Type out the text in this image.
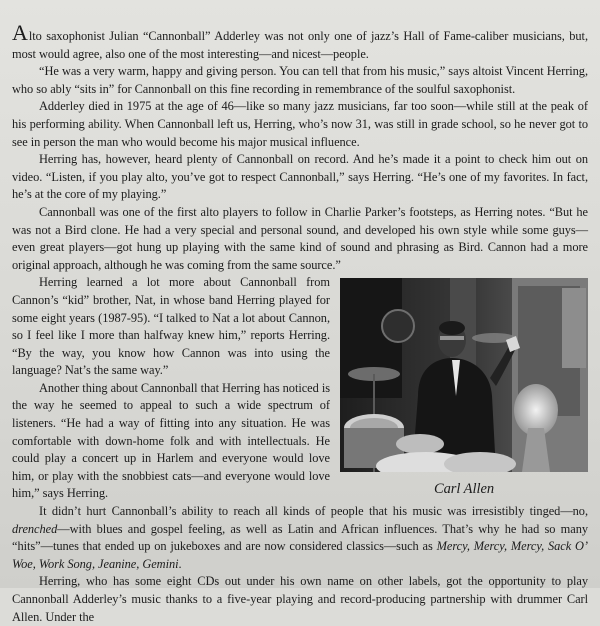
Alto saxophonist Julian “Cannonball” Adderley was not only one of jazz’s Hall of Fame-caliber musicians, but, most would agree, also one of the most interesting—and nicest—people.

“He was a very warm, happy and giving person. You can tell that from his music,” says altoist Vincent Herring, who so ably “sits in” for Cannonball on this fine recording in remembrance of the soulful saxophonist.

Adderley died in 1975 at the age of 46—like so many jazz musicians, far too soon—while still at the peak of his performing ability. When Cannonball left us, Herring, who’s now 31, was still in grade school, so he never got to see in person the man who would become his major musical influence.

Herring has, however, heard plenty of Cannonball on record. And he’s made it a point to check him out on video. “Listen, if you play alto, you’ve got to respect Cannonball,” says Herring. “He’s one of my favorites. In fact, he’s at the core of my playing.”

Cannonball was one of the first alto players to follow in Charlie Parker’s footsteps, as Herring notes. “But he was not a Bird clone. He had a very special and personal sound, and developed his own style while some guys—even great players—got hung up playing with the same kind of sound and phrasing as Bird. Cannon had a more original approach, although he was coming from the same source.”

Carl Allen

Herring learned a lot more about Cannonball from Cannon’s “kid” brother, Nat, in whose band Herring played for some eight years (1987-95). “I talked to Nat a lot about Cannon, so I feel like I more than halfway knew him,” reports Herring. “By the way, you know how Cannon was into using the language? Nat’s the same way.”

Another thing about Cannonball that Herring has noticed is the way he seemed to appeal to such a wide spectrum of listeners. “He had a way of fitting into any situation. He was comfortable with down-home folk and with intellectuals. He could play a concert up in Harlem and everyone would love him, or play with the snobbiest cats—and everyone would love him,” says Herring.

It didn’t hurt Cannonball’s ability to reach all kinds of people that his music was irresistibly tinged—no, drenched—with blues and gospel feeling, as well as Latin and African influences. That’s why he had so many “hits”—tunes that ended up on jukeboxes and are now considered classics—such as Mercy, Mercy, Mercy, Sack O’ Woe, Work Song, Jeanine, Gemini.

Herring, who has some eight CDs out under his own name on other labels, got the opportunity to play Cannonball Adderley’s music thanks to a five-year playing and record-producing partnership with drummer Carl Allen. Under the
